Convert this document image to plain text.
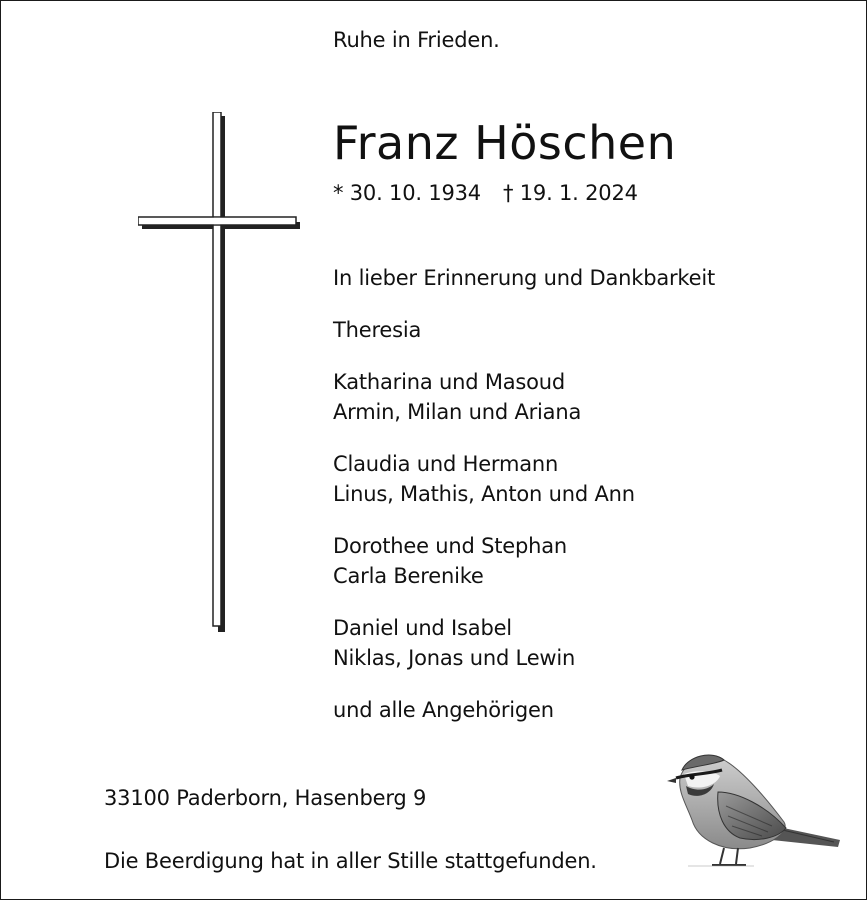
Ruhe in Frieden.
Franz Höschen
* 30. 10. 1934 † 19. 1. 2024
In lieber Erinnerung und Dankbarkeit
Theresia
Katharina und Masoud
Armin, Milan und Ariana
Claudia und Hermann
Linus, Mathis, Anton und Ann
Dorothee und Stephan
Carla Berenike
Daniel und Isabel
Niklas, Jonas und Lewin
und alle Angehörigen
33100 Paderborn, Hasenberg 9
Die Beerdigung hat in aller Stille stattgefunden.
